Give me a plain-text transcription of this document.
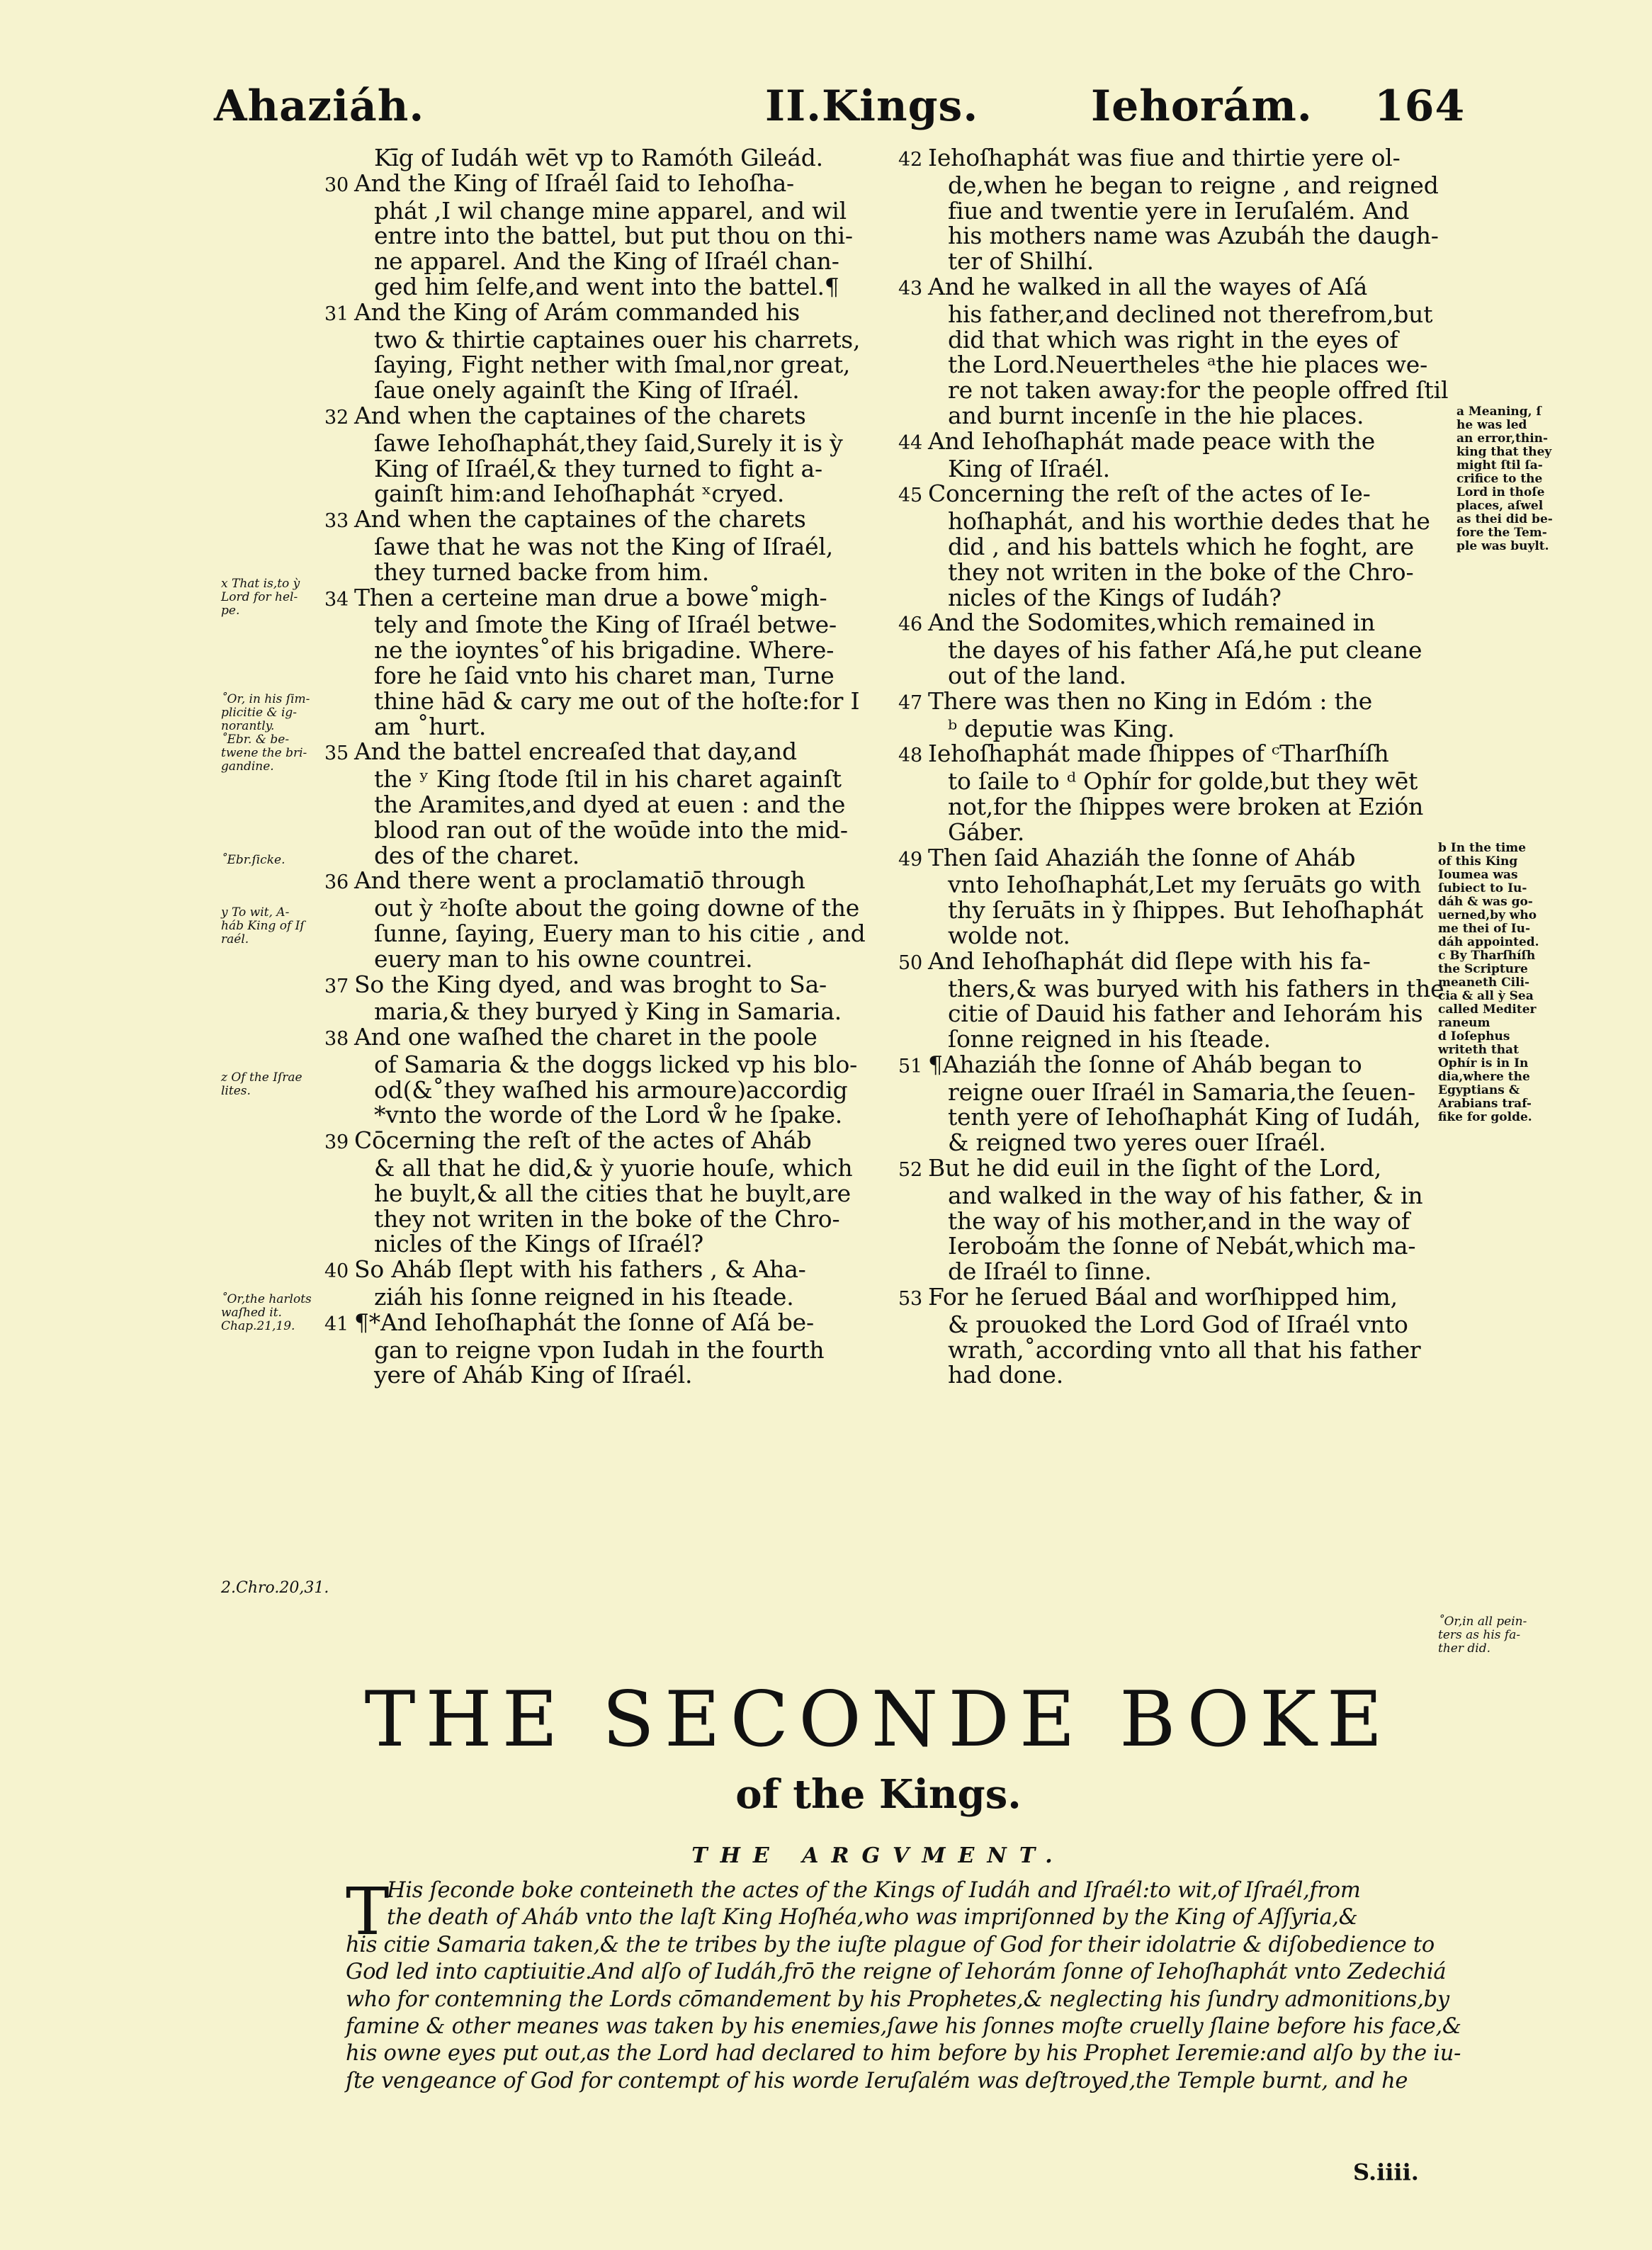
Ahaziáh.	II.Kings.	Iehorám. 164
Kīg of Iudáh wēt vp to Ramóth Gileád.
30 And the King of Iſraél ſaid to Iehoſha-
phát ,I wil change mine apparel, and wil
entre into the battel, but put thou on thi-
ne apparel. And the King of Iſraél chan-
ged him ſelfe,and went into the battel.¶
31 And the King of Arám commanded his
two & thirtie captaines ouer his charrets,
ſaying, Fight nether with ſmal,nor great,
ſaue onely againſt the King of Iſraél.
32 And when the captaines of the charets
ſawe Iehoſhaphát,they ſaid,Surely it is ỳ
King of Iſraél,& they turned to fight a-
gainſt him:and Iehoſhaphát ˣcryed.
33 And when the captaines of the charets
ſawe that he was not the King of Iſraél,
they turned backe from him.
34 Then a certeine man drue a bowe˚migh-
tely and ſmote the King of Iſraél betwe-
ne the ioyntes˚of his brigadine. Where-
fore he ſaid vnto his charet man, Turne
thine hād & cary me out of the hoſte:for I
am ˚hurt.
35 And the battel encreaſed that day,and
the ʸ King ſtode ſtil in his charet againſt
the Aramites,and dyed at euen : and the
blood ran out of the woūde into the mid-
des of the charet.
36 And there went a proclamatiō through
out ỳ ᶻhoſte about the going downe of the
ſunne, ſaying, Euery man to his citie , and
euery man to his owne countrei.
37 So the King dyed, and was broght to Sa-
maria,& they buryed ỳ King in Samaria.
38 And one waſhed the charet in the poole
of Samaria & the doggs licked vp his blo-
od(&˚they waſhed his armoure)accordig
*vnto the worde of the Lord ẘ he ſpake.
39 Cōcerning the reſt of the actes of Aháb
& all that he did,& ỳ yuorie houſe, which
he buylt,& all the cities that he buylt,are
they not writen in the boke of the Chro-
nicles of the Kings of Iſraél?
40 So Aháb ſlept with his fathers , & Aha-
ziáh his ſonne reigned in his ſteade.
41 ¶*And Iehoſhaphát the ſonne of Aſá be-
gan to reigne vpon Iudah in the fourth
yere of Aháb King of Iſraél.
42 Iehoſhaphát was fiue and thirtie yere ol-
de,when he began to reigne , and reigned
fiue and twentie yere in Ieruſalém. And
his mothers name was Azubáh the daugh-
ter of Shilhí.
43 And he walked in all the wayes of Aſá
his father,and declined not therefrom,but
did that which was right in the eyes of
the Lord.Neuertheles ᵃthe hie places we-
re not taken away:for the people offred ſtil
and burnt incenſe in the hie places.
44 And Iehoſhaphát made peace with the
King of Iſraél.
45 Concerning the reſt of the actes of Ie-
hoſhaphát, and his worthie dedes that he
did , and his battels which he foght, are
they not writen in the boke of the Chro-
nicles of the Kings of Iudáh?
46 And the Sodomites,which remained in
the dayes of his father Aſá,he put cleane
out of the land.
47 There was then no King in Edóm : the
ᵇ deputie was King.
48 Iehoſhaphát made ſhippes of ᶜTharſhíſh
to ſaile to ᵈ Ophír for golde,but they wēt
not,for the ſhippes were broken at Ezión
Gáber.
49 Then ſaid Ahaziáh the ſonne of Aháb
vnto Iehoſhaphát,Let my ſeruāts go with
thy ſeruāts in ỳ ſhippes. But Iehoſhaphát
wolde not.
50 And Iehoſhaphát did ſlepe with his fa-
thers,& was buryed with his fathers in the
citie of Dauid his father and Iehorám his
ſonne reigned in his ſteade.
51 ¶Ahaziáh the ſonne of Aháb began to
reigne ouer Iſraél in Samaria,the ſeuen-
tenth yere of Iehoſhaphát King of Iudáh,
& reigned two yeres ouer Iſraél.
52 But he did euil in the ſight of the Lord,
and walked in the way of his father, & in
the way of his mother,and in the way of
Ieroboám the ſonne of Nebát,which ma-
de Iſraél to ſinne.
53 For he ſerued Báal and worſhipped him,
& prouoked the Lord God of Iſraél vnto
wrath,˚according vnto all that his father
had done.
x That is,to ỳ
Lord for hel-
pe.
˚Or, in his ſim-
plicitie & ig-
norantly.
˚Ebr. & be-
twene the bri-
gandine.
˚Ebr.ſicke.
y To wit, A-
háb King of Iſ
raél.
z Of the Iſrae
lites.
˚Or,the harlots
waſhed it.
Chap.21,19.
2.Chro.20,31.
a Meaning, ſ
he was led
an error,thin-
king that they
might ſtil ſa-
crifice to the
Lord in thoſe
places, aſwel
as thei did be-
fore the Tem-
ple was buylt.
b In the time
of this King
Ioumea was
ſubiect to Iu-
dáh & was go-
uerned,by who
me thei of Iu-
dáh appointed.
c By Tharſhíſh
the Scripture
meaneth Cili-
cia & all ỳ Sea
called Mediter
raneum
d Ioſephus
writeth that
Ophír is in In
dia,where the
Egyptians &
Arabians traf-
fike for golde.
˚Or,in all pein-
ters as his fa-
ther did.
THE SECONDE BOKE
of the Kings.
THE ARGVMENT.
T
His ſeconde boke conteineth the actes of the Kings of Iudáh and Iſraél:to wit,of Iſraél,from
the death of Aháb vnto the laſt King Hoſhéa,who was impriſonned by the King of Aſſyria,&
his citie Samaria taken,& the te tribes by the iuſte plague of God for their idolatrie & diſobedience to
God led into captiuitie.And alſo of Iudáh,frō the reigne of Iehorám ſonne of Iehoſhaphát vnto Zedechiá
who for contemning the Lords cōmandement by his Prophetes,& neglecting his ſundry admonitions,by
famine & other meanes was taken by his enemies,ſawe his ſonnes moſte cruelly ſlaine before his face,&
his owne eyes put out,as the Lord had declared to him before by his Prophet Ieremie:and alſo by the iu-
ſte vengeance of God for contempt of his worde Ieruſalém was deſtroyed,the Temple burnt, and he
S.iiii.
